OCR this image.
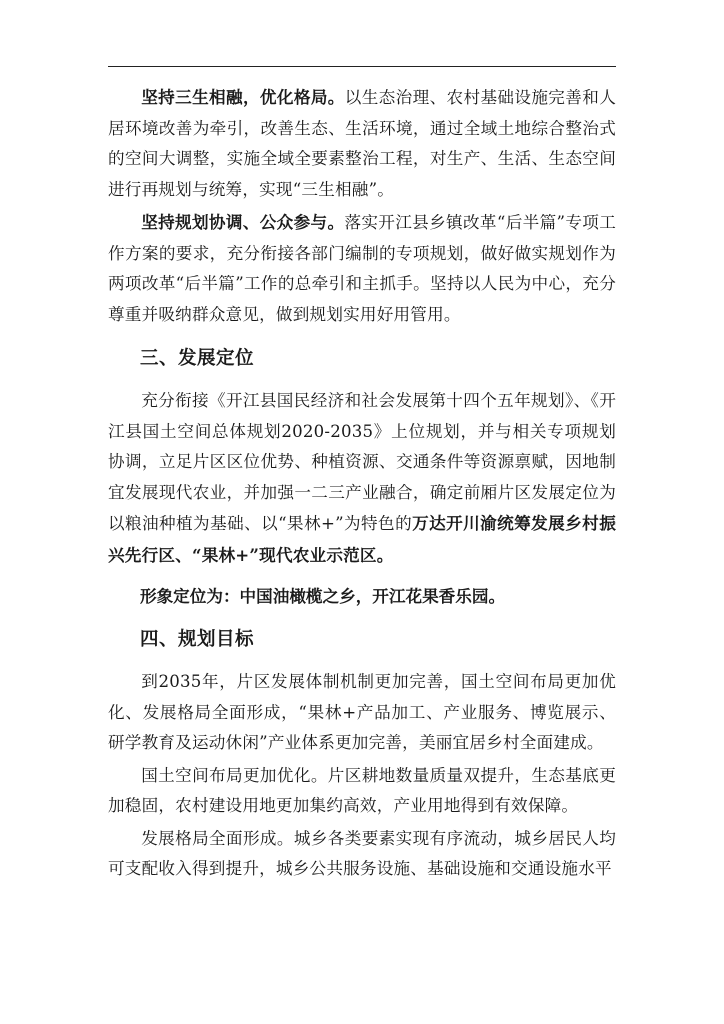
坚持三生相融，优化格局。以生态治理、农村基础设施完善和人居环境改善为牵引，改善生态、生活环境，通过全域土地综合整治式的空间大调整，实施全域全要素整治工程，对生产、生活、生态空间进行再规划与统筹，实现“三生相融”。

坚持规划协调、公众参与。落实开江县乡镇改革“后半篇”专项工作方案的要求，充分衔接各部门编制的专项规划，做好做实规划作为两项改革“后半篇”工作的总牵引和主抓手。坚持以人民为中心，充分尊重并吸纳群众意见，做到规划实用好用管用。

三、发展定位

充分衔接《开江县国民经济和社会发展第十四个五年规划》、《开江县国土空间总体规划2020-2035》上位规划，并与相关专项规划协调，立足片区区位优势、种植资源、交通条件等资源禀赋，因地制宜发展现代农业，并加强一二三产业融合，确定前厢片区发展定位为以粮油种植为基础、以“果林+”为特色的万达开川渝统筹发展乡村振兴先行区、“果林+”现代农业示范区。

形象定位为：中国油橄榄之乡，开江花果香乐园。
四、规划目标

到2035年，片区发展体制机制更加完善，国土空间布局更加优化、发展格局全面形成，“果林+产品加工、产业服务、博览展示、研学教育及运动休闲”产业体系更加完善，美丽宜居乡村全面建成。

国土空间布局更加优化。片区耕地数量质量双提升，生态基底更加稳固，农村建设用地更加集约高效，产业用地得到有效保障。

发展格局全面形成。城乡各类要素实现有序流动，城乡居民人均可支配收入得到提升，城乡公共服务设施、基础设施和交通设施水平
